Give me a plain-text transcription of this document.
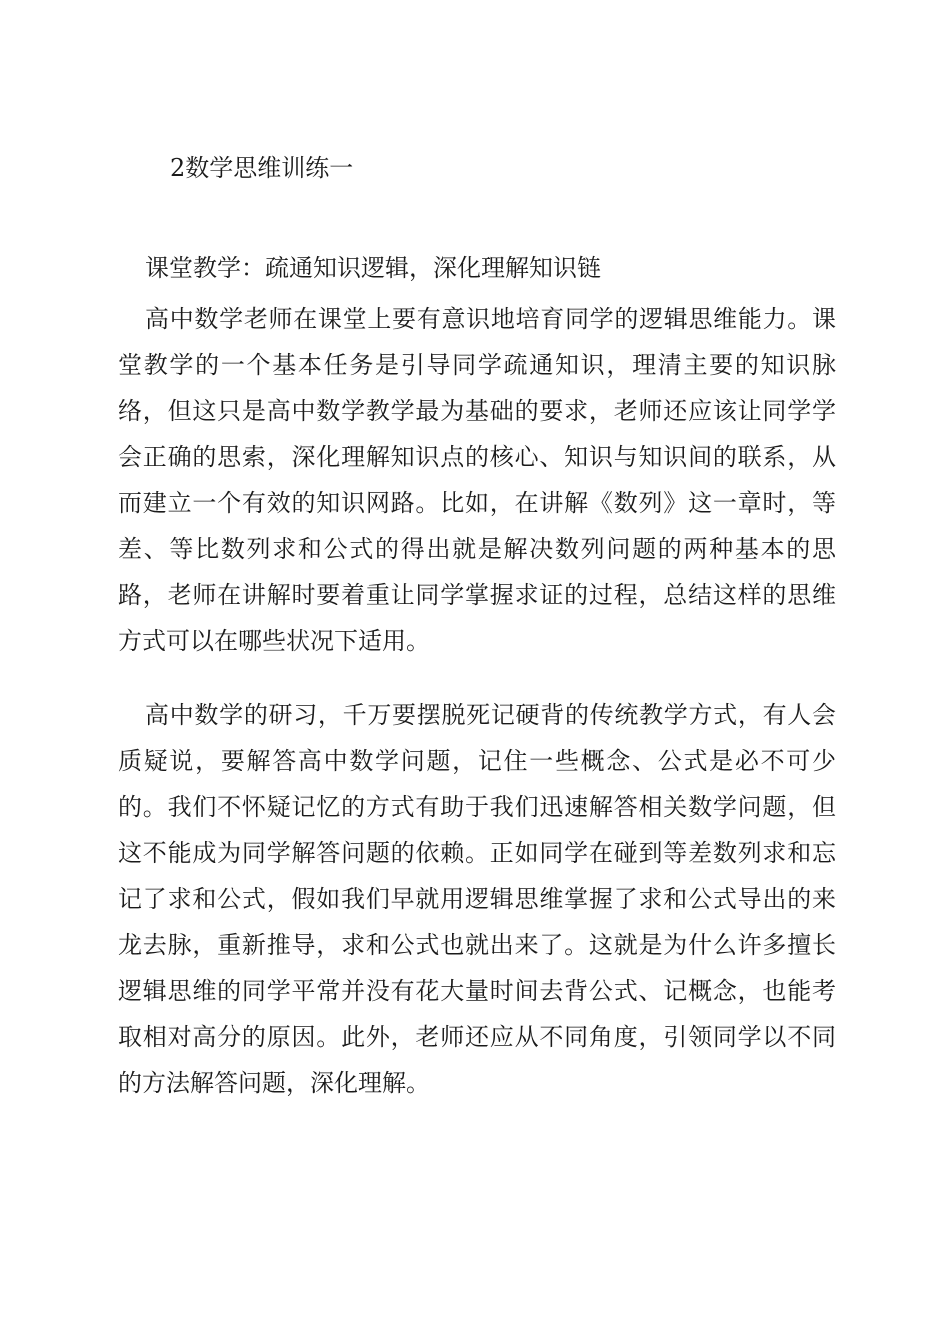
2数学思维训练一
课堂教学：疏通知识逻辑，深化理解知识链

高中数学老师在课堂上要有意识地培育同学的逻辑思维能力。课堂教学的一个基本任务是引导同学疏通知识，理清主要的知识脉络，但这只是高中数学教学最为基础的要求，老师还应该让同学学会正确的思索，深化理解知识点的核心、知识与知识间的联系，从而建立一个有效的知识网路。比如，在讲解《数列》这一章时，等差、等比数列求和公式的得出就是解决数列问题的两种基本的思路，老师在讲解时要着重让同学掌握求证的过程，总结这样的思维方式可以在哪些状况下适用。

高中数学的研习，千万要摆脱死记硬背的传统教学方式，有人会质疑说，要解答高中数学问题，记住一些概念、公式是必不可少的。我们不怀疑记忆的方式有助于我们迅速解答相关数学问题，但这不能成为同学解答问题的依赖。正如同学在碰到等差数列求和忘记了求和公式，假如我们早就用逻辑思维掌握了求和公式导出的来龙去脉，重新推导，求和公式也就出来了。这就是为什么许多擅长逻辑思维的同学平常并没有花大量时间去背公式、记概念，也能考取相对高分的原因。此外，老师还应从不同角度，引领同学以不同的方法解答问题，深化理解。
